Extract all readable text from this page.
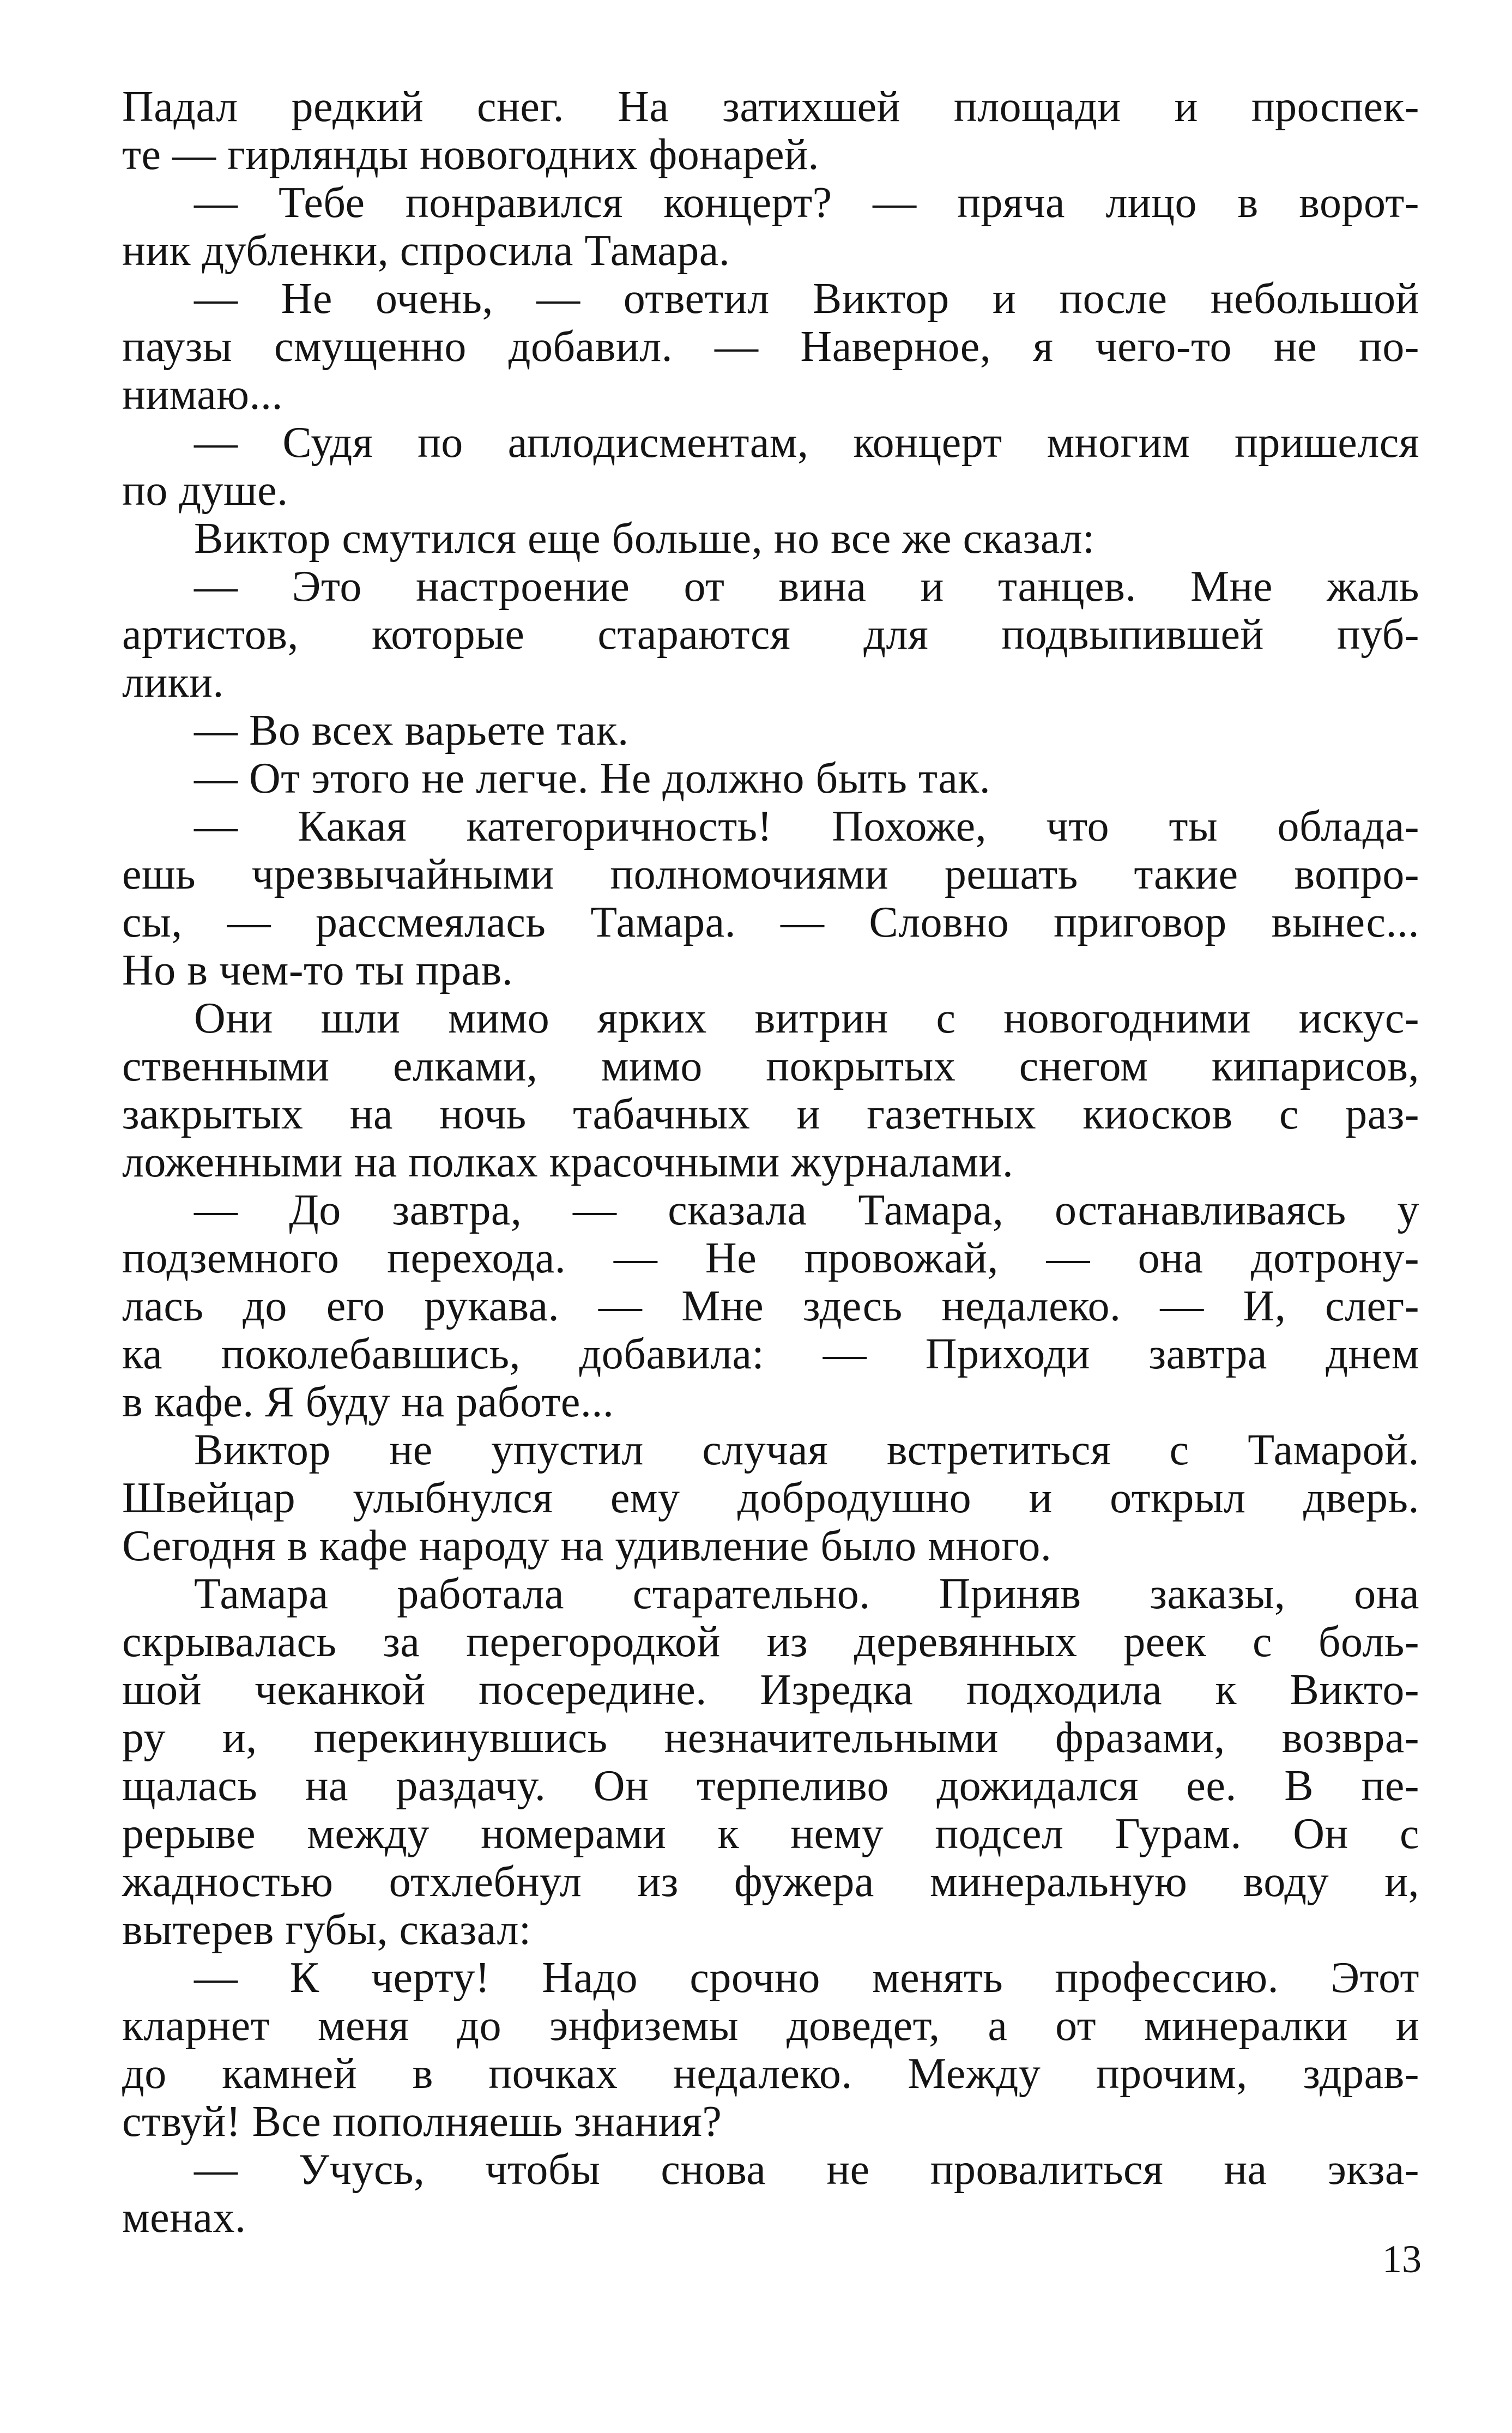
Падал редкий снег. На затихшей площади и проспек-
те — гирлянды новогодних фонарей.
— Тебе понравился концерт? — пряча лицо в ворот-
ник дубленки, спросила Тамара.
— Не очень, — ответил Виктор и после небольшой
паузы смущенно добавил. — Наверное, я чего-то не по-
нимаю...
— Судя по аплодисментам, концерт многим пришелся
по душе.
Виктор смутился еще больше, но все же сказал:
— Это настроение от вина и танцев. Мне жаль
артистов, которые стараются для подвыпившей пуб-
лики.
— Во всех варьете так.
— От этого не легче. Не должно быть так.
— Какая категоричность! Похоже, что ты облада-
ешь чрезвычайными полномочиями решать такие вопро-
сы, — рассмеялась Тамара. — Словно приговор вынес...
Но в чем-то ты прав.
Они шли мимо ярких витрин с новогодними искус-
ственными елками, мимо покрытых снегом кипарисов,
закрытых на ночь табачных и газетных киосков с раз-
ложенными на полках красочными журналами.
— До завтра, — сказала Тамара, останавливаясь у
подземного перехода. — Не провожай, — она дотрону-
лась до его рукава. — Мне здесь недалеко. — И, слег-
ка поколебавшись, добавила: — Приходи завтра днем
в кафе. Я буду на работе...
Виктор не упустил случая встретиться с Тамарой.
Швейцар улыбнулся ему добродушно и открыл дверь.
Сегодня в кафе народу на удивление было много.
Тамара работала старательно. Приняв заказы, она
скрывалась за перегородкой из деревянных реек с боль-
шой чеканкой посередине. Изредка подходила к Викто-
ру и, перекинувшись незначительными фразами, возвра-
щалась на раздачу. Он терпеливо дожидался ее. В пе-
рерыве между номерами к нему подсел Гурам. Он с
жадностью отхлебнул из фужера минеральную воду и,
вытерев губы, сказал:
— К черту! Надо срочно менять профессию. Этот
кларнет меня до энфиземы доведет, а от минералки и
до камней в почках недалеко. Между прочим, здрав-
ствуй! Все пополняешь знания?
— Учусь, чтобы снова не провалиться на экза-
менах.
13
